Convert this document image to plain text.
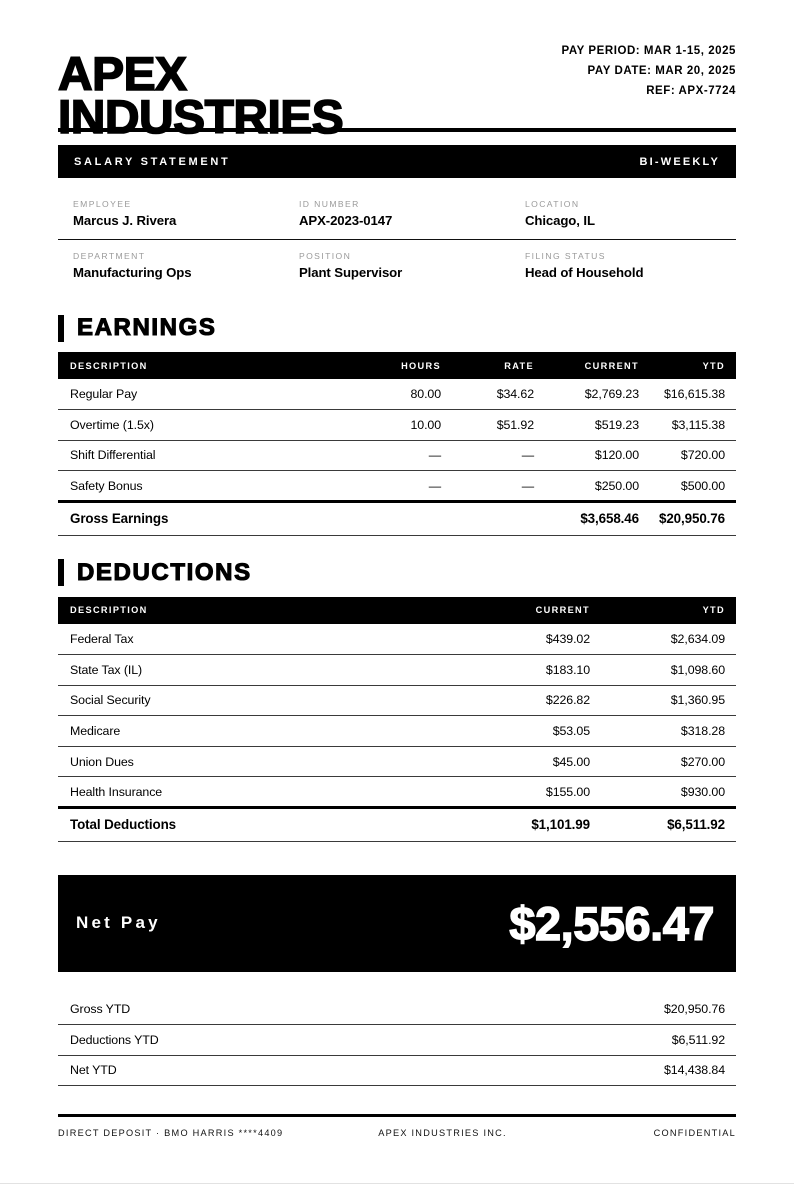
APEX
INDUSTRIES
PAY PERIOD: MAR 1-15, 2025
PAY DATE: MAR 20, 2025
REF: APX-7724
SALARY STATEMENT	BI-WEEKLY
EMPLOYEE
Marcus J. Rivera
ID NUMBER
APX-2023-0147
LOCATION
Chicago, IL
DEPARTMENT
Manufacturing Ops
POSITION
Plant Supervisor
FILING STATUS
Head of Household
EARNINGS
DESCRIPTION	HOURS	RATE	CURRENT	YTD
Regular Pay	80.00	$34.62	$2,769.23	$16,615.38
Overtime (1.5x)	10.00	$51.92	$519.23	$3,115.38
Shift Differential	—	—	$120.00	$720.00
Safety Bonus	—	—	$250.00	$500.00
Gross Earnings			$3,658.46	$20,950.76
DEDUCTIONS
DESCRIPTION	CURRENT	YTD
Federal Tax	$439.02	$2,634.09
State Tax (IL)	$183.10	$1,098.60
Social Security	$226.82	$1,360.95
Medicare	$53.05	$318.28
Union Dues	$45.00	$270.00
Health Insurance	$155.00	$930.00
Total Deductions	$1,101.99	$6,511.92
Net Pay	$2,556.47
Gross YTD	$20,950.76
Deductions YTD	$6,511.92
Net YTD	$14,438.84
DIRECT DEPOSIT · BMO HARRIS ****4409	APEX INDUSTRIES INC.	CONFIDENTIAL
